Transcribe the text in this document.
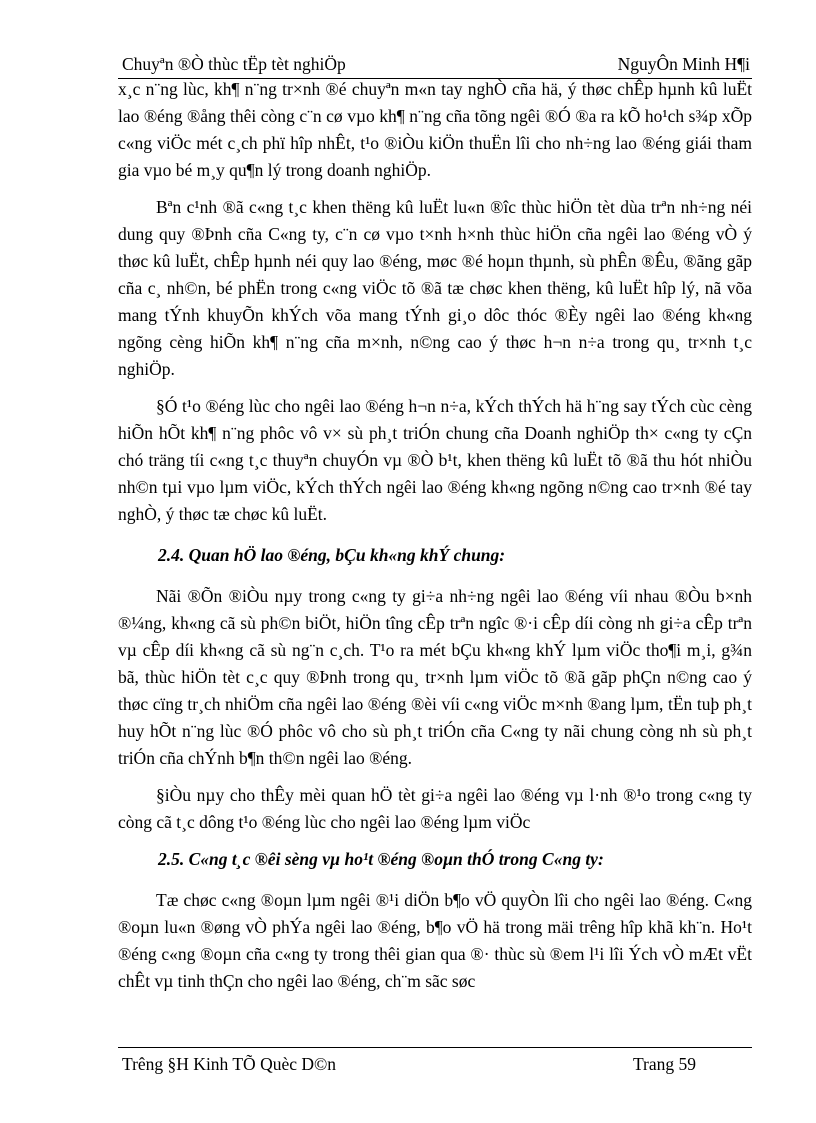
Chuyªn ®Ò thùc tËp tèt nghiÖp	NguyÔn Minh H¶i

x¸c n¨ng lùc, kh¶ n¨ng tr×nh ®é chuyªn m«n tay nghÒ cña hä, ý thøc chÊp hµnh kû luËt lao ®éng ®ång thêi còng c¨n cø vµo kh¶ n¨ng cña tõng ngêi ®Ó ®a ra kÕ ho¹ch s¾p xÕp c«ng viÖc mét c¸ch phï hîp nhÊt, t¹o ®iÒu kiÖn thuËn lîi cho nh÷ng lao ®éng giái tham gia vµo bé m¸y qu¶n lý trong doanh nghiÖp.

Bªn c¹nh ®ã c«ng t¸c khen thëng kû luËt lu«n ®îc thùc hiÖn tèt dùa trªn nh÷ng néi dung quy ®Þnh cña C«ng ty, c¨n cø vµo t×nh h×nh thùc hiÖn cña ngêi lao ®éng vÒ ý thøc kû luËt, chÊp hµnh néi quy lao ®éng, møc ®é hoµn thµnh, sù phÊn ®Êu, ®ãng gãp cña c¸ nh©n, bé phËn trong c«ng viÖc tõ ®ã tæ chøc khen thëng, kû luËt hîp lý, nã võa mang tÝnh khuyÕn khÝch võa mang tÝnh gi¸o dôc thóc ®Èy ngêi lao ®éng kh«ng ngõng cèng hiÕn kh¶ n¨ng cña m×nh, n©ng cao ý thøc h¬n n÷a trong qu¸ tr×nh t¸c nghiÖp.

§Ó t¹o ®éng lùc cho ngêi lao ®éng h¬n n÷a, kÝch thÝch hä h¨ng say tÝch cùc cèng hiÕn hÕt kh¶ n¨ng phôc vô v× sù ph¸t triÓn chung cña Doanh nghiÖp th× c«ng ty cÇn chó träng tíi c«ng t¸c thuyªn chuyÓn vµ ®Ò b¹t, khen thëng kû luËt tõ ®ã thu hót nhiÒu nh©n tµi vµo lµm viÖc, kÝch thÝch ngêi lao ®éng kh«ng ngõng n©ng cao tr×nh ®é tay nghÒ, ý thøc tæ chøc kû luËt.

2.4. Quan hÖ lao ®éng, bÇu kh«ng khÝ chung:

Nãi ®Õn ®iÒu nµy trong c«ng ty gi÷a nh÷ng ngêi lao ®éng víi nhau ®Òu b×nh ®¼ng, kh«ng cã sù ph©n biÖt, hiÖn tîng cÊp trªn ngîc ®·i cÊp díi còng nh gi÷a cÊp trªn vµ cÊp díi kh«ng cã sù ng¨n c¸ch. T¹o ra mét bÇu kh«ng khÝ lµm viÖc tho¶i m¸i, g¾n bã, thùc hiÖn tèt c¸c quy ®Þnh trong qu¸ tr×nh lµm viÖc tõ ®ã gãp phÇn n©ng cao ý thøc cïng tr¸ch nhiÖm cña ngêi lao ®éng ®èi víi c«ng viÖc m×nh ®ang lµm, tËn tuþ ph¸t huy hÕt n¨ng lùc ®Ó phôc vô cho sù ph¸t triÓn cña C«ng ty nãi chung còng nh sù ph¸t triÓn cña chÝnh b¶n th©n ngêi lao ®éng.

§iÒu nµy cho thÊy mèi quan hÖ tèt gi÷a ngêi lao ®éng vµ l·nh ®¹o trong c«ng ty còng cã t¸c dông t¹o ®éng lùc cho ngêi lao ®éng lµm viÖc

2.5. C«ng t¸c ®êi sèng vµ ho¹t ®éng ®oµn thÓ trong C«ng ty:

Tæ chøc c«ng ®oµn lµm ngêi ®¹i diÖn b¶o vÖ quyÒn lîi cho ngêi lao ®éng. C«ng ®oµn lu«n ®øng vÒ phÝa ngêi lao ®éng, b¶o vÖ hä trong mäi trêng hîp khã kh¨n. Ho¹t ®éng c«ng ®oµn cña c«ng ty trong thêi gian qua ®· thùc sù ®em l¹i lîi Ých vÒ mÆt vËt chÊt vµ tinh thÇn cho ngêi lao ®éng, ch¨m sãc søc

Trêng §H Kinh TÕ Quèc D©n	Trang 59
